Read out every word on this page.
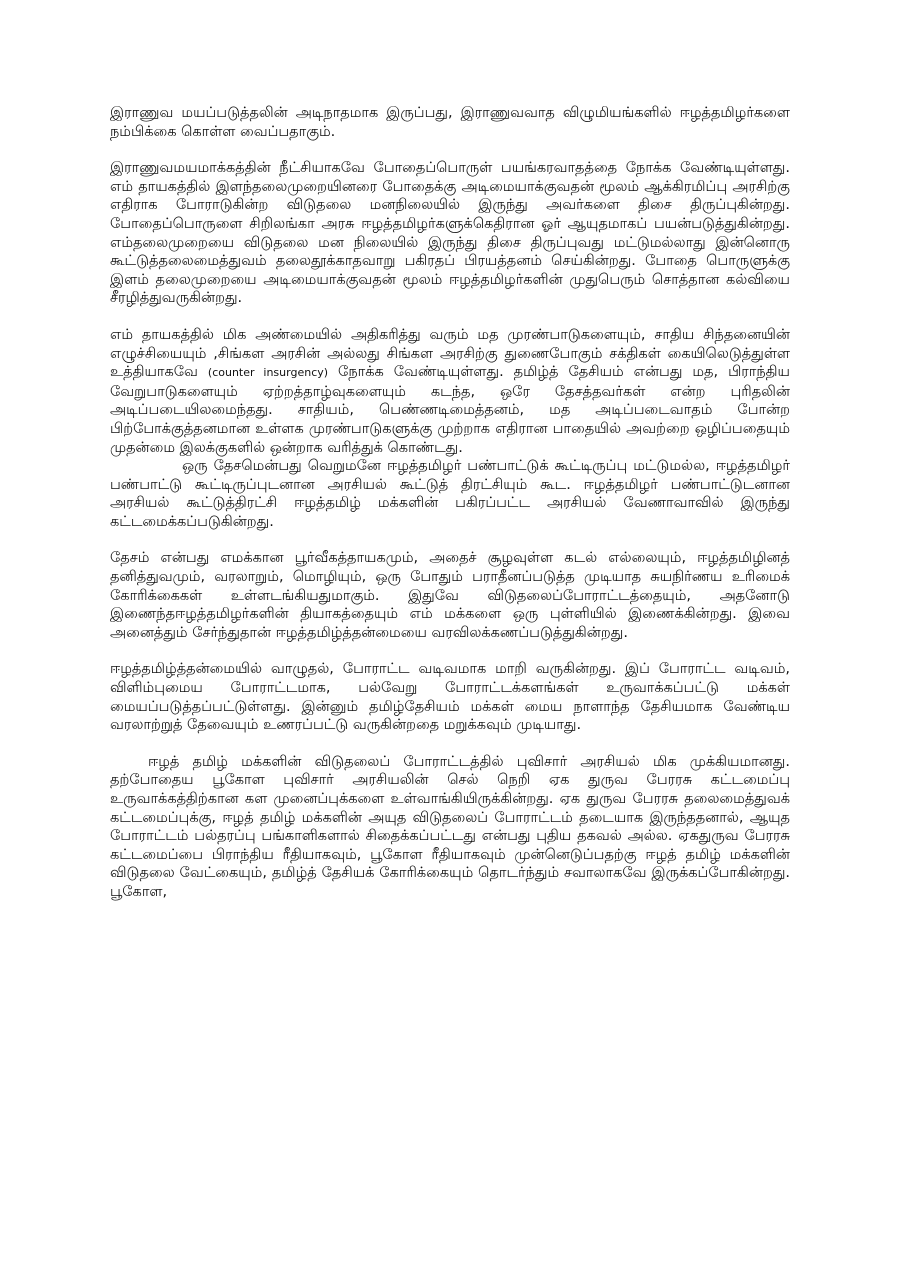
இராணுவ மயப்படுத்தலின் அடிநாதமாக இருப்பது, இராணுவவாத விழுமியங்களில் ஈழத்தமிழர்களை நம்பிக்கை கொள்ள வைப்பதாகும்.

இராணுவமயமாக்கத்தின் நீட்சியாகவே போதைப்பொருள் பயங்கரவாதத்தை நோக்க வேண்டியுள்ளது. எம் தாயகத்தில் இளந்தலைமுறையினரை போதைக்கு அடிமையாக்குவதன் மூலம் ஆக்கிரமிப்பு அரசிற்கு எதிராக போராடுகின்ற விடுதலை மனநிலையில் இருந்து அவர்களை திசை திருப்புகின்றது. போதைப்பொருளை சிறிலங்கா அரசு ஈழத்தமிழர்களுக்கெதிரான ஓர் ஆயுதமாகப் பயன்படுத்துகின்றது. எம்தலைமுறையை விடுதலை மன நிலையில் இருந்து திசை திருப்புவது மட்டுமல்லாது இன்னொரு கூட்டுத்தலைமைத்துவம் தலைதூக்காதவாறு பகிரதப் பிரயத்தனம் செய்கின்றது. போதை பொருளுக்கு இளம் தலைமுறையை அடிமையாக்குவதன் மூலம் ஈழத்தமிழர்களின் முதுபெரும் சொத்தான கல்வியை சீரழித்துவருகின்றது.

எம் தாயகத்தில் மிக அண்மையில் அதிகரித்து வரும் மத முரண்பாடுகளையும், சாதிய சிந்தனையின் எழுச்சியையும் ,சிங்கள அரசின் அல்லது சிங்கள அரசிற்கு துணைபோகும் சக்திகள் கையிலெடுத்துள்ள உத்தியாகவே (counter insurgency) நோக்க வேண்டியுள்ளது. தமிழ்த் தேசியம் என்பது மத, பிராந்திய வேறுபாடுகளையும் ஏற்றத்தாழ்வுகளையும் கடந்த, ஒரே தேசத்தவர்கள் என்ற புரிதலின் அடிப்படையிலமைந்தது. சாதியம், பெண்ணடிமைத்தனம், மத அடிப்படைவாதம் போன்ற பிற்போக்குத்தனமான உள்ளக முரண்பாடுகளுக்கு முற்றாக எதிரான பாதையில் அவற்றை ஒழிப்பதையும் முதன்மை இலக்குகளில் ஒன்றாக வரித்துக் கொண்டது.

ஒரு தேசமென்பது வெறுமனே ஈழத்தமிழர் பண்பாட்டுக் கூட்டிருப்பு மட்டுமல்ல, ஈழத்தமிழர் பண்பாட்டு கூட்டிருப்புடனான அரசியல் கூட்டுத் திரட்சியும் கூட. ஈழத்தமிழர் பண்பாட்டுடனான அரசியல் கூட்டுத்திரட்சி ஈழத்தமிழ் மக்களின் பகிரப்பட்ட அரசியல் வேணாவாவில் இருந்து கட்டமைக்கப்படுகின்றது.

தேசம் என்பது எமக்கான பூர்வீகத்தாயகமும், அதைச் சூழவுள்ள கடல் எல்லையும், ஈழத்தமிழினத் தனித்துவமும், வரலாறும், மொழியும், ஒரு போதும் பராதீனப்படுத்த முடியாத சுயநிர்ணய உரிமைக் கோரிக்கைகள் உள்ளடங்கியதுமாகும். இதுவே விடுதலைப்போராட்டத்தையும், அதனோடு இணைந்தஈழத்தமிழர்களின் தியாகத்தையும் எம் மக்களை ஒரு புள்ளியில் இணைக்கின்றது. இவை அனைத்தும் சேர்ந்துதான் ஈழத்தமிழ்த்தன்மையை வரவிலக்கணப்படுத்துகின்றது.

ஈழத்தமிழ்த்தன்மையில் வாழுதல், போராட்ட வடிவமாக மாறி வருகின்றது. இப் போராட்ட வடிவம், விளிம்புமைய போராட்டமாக, பல்வேறு போராட்டக்களங்கள் உருவாக்கப்பட்டு மக்கள் மையப்படுத்தப்பட்டுள்ளது. இன்னும் தமிழ்தேசியம் மக்கள் மைய நாளாந்த தேசியமாக வேண்டிய வரலாற்றுத் தேவையும் உணரப்பட்டு வருகின்றதை மறுக்கவும் முடியாது.

ஈழத் தமிழ் மக்களின் விடுதலைப் போராட்டத்தில் புவிசார் அரசியல் மிக முக்கியமானது. தற்போதைய பூகோள புவிசார் அரசியலின் செல் நெறி ஏக துருவ பேரரசு கட்டமைப்பு உருவாக்கத்திற்கான கள முனைப்புக்களை உள்வாங்கியிருக்கின்றது. ஏக துருவ பேரரசு தலைமைத்துவக் கட்டமைப்புக்கு, ஈழத் தமிழ் மக்களின் அயுத விடுதலைப் போராட்டம் தடையாக இருந்ததனால், ஆயுத போராட்டம் பல்தரப்பு பங்காளிகளால் சிதைக்கப்பட்டது என்பது புதிய தகவல் அல்ல. ஏகதுருவ பேரரசு கட்டமைப்பை பிராந்திய ரீதியாகவும், பூகோள ரீதியாகவும் முன்னெடுப்பதற்கு ஈழத் தமிழ் மக்களின் விடுதலை வேட்கையும், தமிழ்த் தேசியக் கோரிக்கையும் தொடர்ந்தும் சவாலாகவே இருக்கப்போகின்றது. பூகோள,
